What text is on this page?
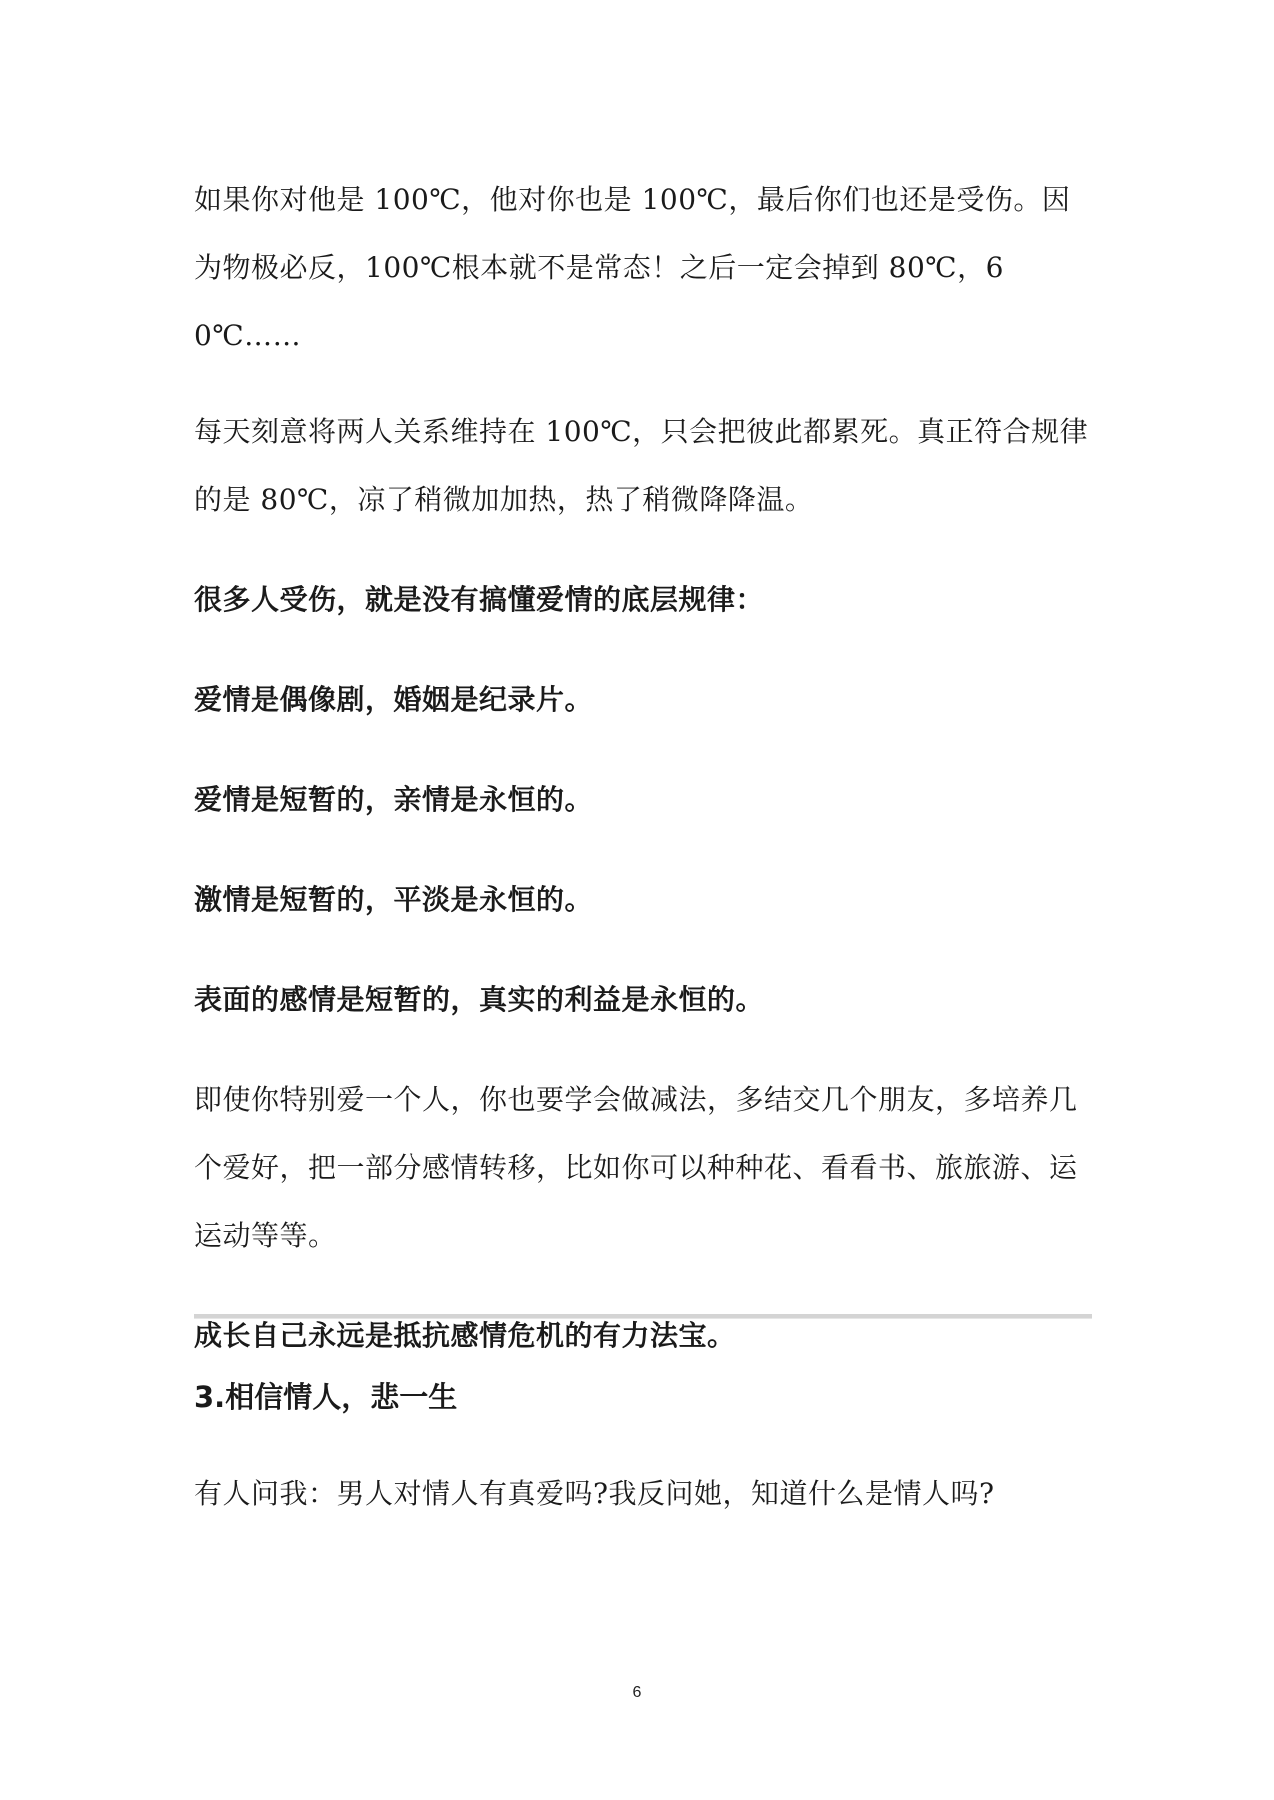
如果你对他是 100℃，他对你也是 100℃，最后你们也还是受伤。因为物极必反，100℃根本就不是常态！之后一定会掉到 80℃，60℃……

每天刻意将两人关系维持在 100℃，只会把彼此都累死。真正符合规律的是 80℃，凉了稍微加加热，热了稍微降降温。

很多人受伤，就是没有搞懂爱情的底层规律：

爱情是偶像剧，婚姻是纪录片。

爱情是短暂的，亲情是永恒的。

激情是短暂的，平淡是永恒的。

表面的感情是短暂的，真实的利益是永恒的。

即使你特别爱一个人，你也要学会做减法，多结交几个朋友，多培养几个爱好，把一部分感情转移，比如你可以种种花、看看书、旅旅游、运运动等等。

成长自己永远是抵抗感情危机的有力法宝。

3.相信情人，悲一生

有人问我：男人对情人有真爱吗?我反问她，知道什么是情人吗?

6
